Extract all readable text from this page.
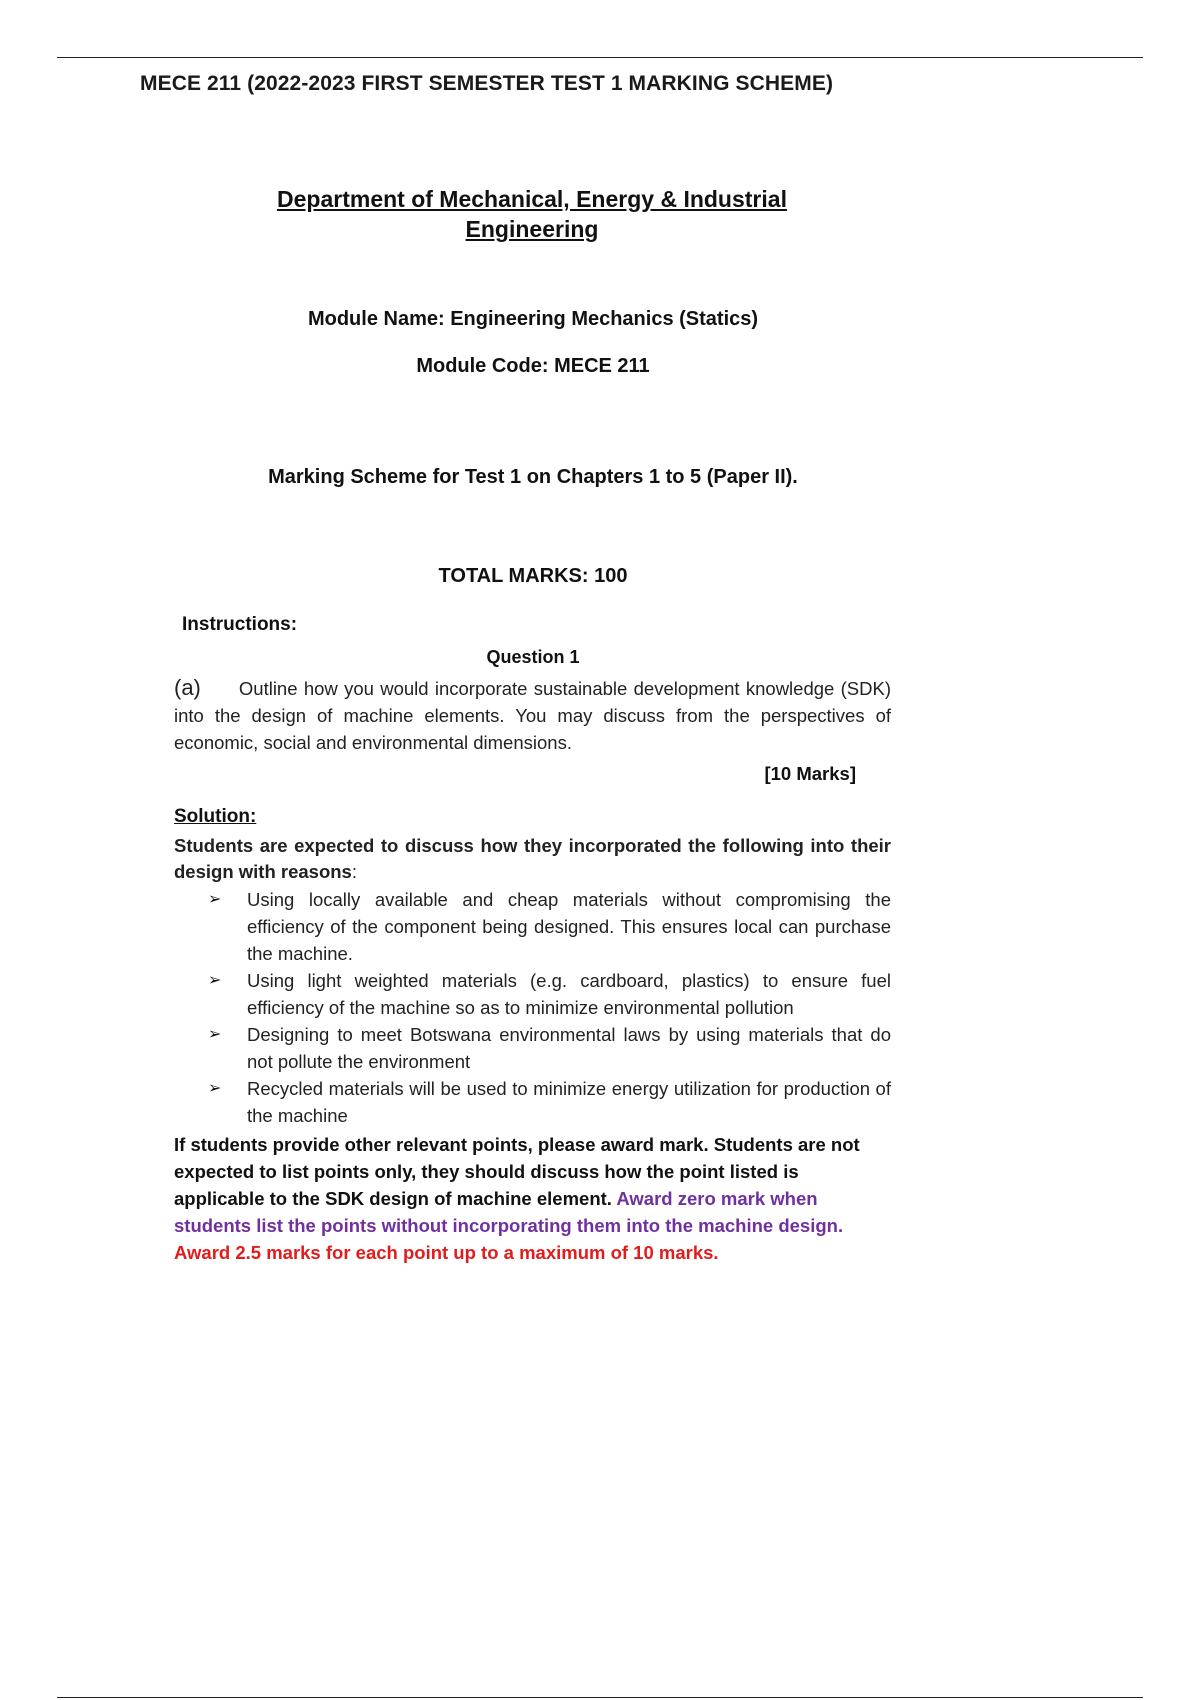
MECE 211 (2022-2023 FIRST SEMESTER TEST 1 MARKING SCHEME)
Department of Mechanical, Energy & Industrial
Engineering
Module Name: Engineering Mechanics (Statics)
Module Code: MECE 211
Marking Scheme for Test 1 on Chapters 1 to 5 (Paper II).
TOTAL MARKS: 100
Instructions:
Question 1
(a) Outline how you would incorporate sustainable development knowledge (SDK) into the design of machine elements. You may discuss from the perspectives of economic, social and environmental dimensions.
[10 Marks]
Solution:
Students are expected to discuss how they incorporated the following into their design with reasons:
➢ Using locally available and cheap materials without compromising the efficiency of the component being designed. This ensures local can purchase the machine.
➢ Using light weighted materials (e.g. cardboard, plastics) to ensure fuel efficiency of the machine so as to minimize environmental pollution
➢ Designing to meet Botswana environmental laws by using materials that do not pollute the environment
➢ Recycled materials will be used to minimize energy utilization for production of the machine
If students provide other relevant points, please award mark. Students are not expected to list points only, they should discuss how the point listed is applicable to the SDK design of machine element. Award zero mark when students list the points without incorporating them into the machine design. Award 2.5 marks for each point up to a maximum of 10 marks.
